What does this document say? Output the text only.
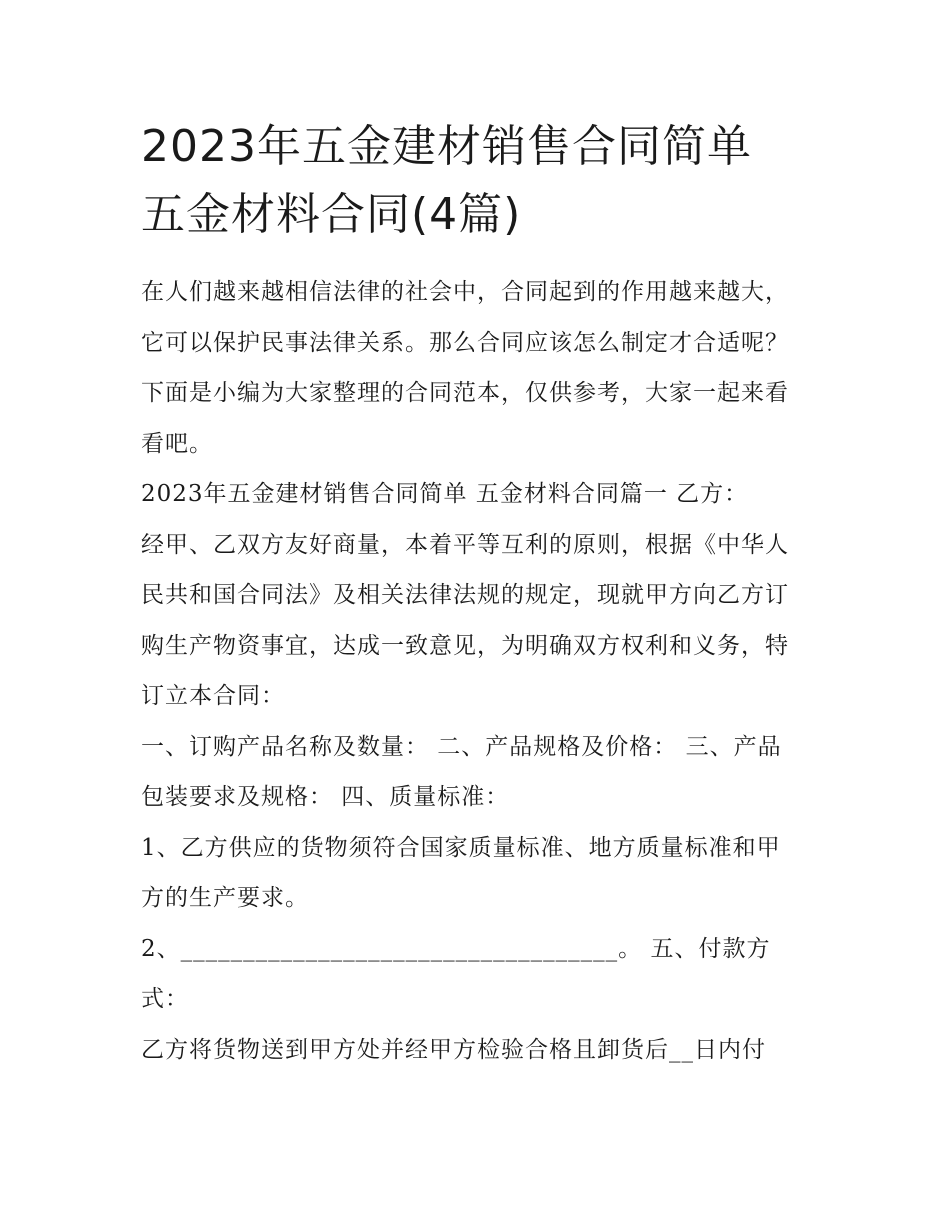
2023年五金建材销售合同简单
五金材料合同(4篇)

在人们越来越相信法律的社会中，合同起到的作用越来越大，
它可以保护民事法律关系。那么合同应该怎么制定才合适呢？
下面是小编为大家整理的合同范本，仅供参考，大家一起来看
看吧。

2023年五金建材销售合同简单 五金材料合同篇一 乙方：

经甲、乙双方友好商量，本着平等互利的原则，根据《中华人
民共和国合同法》及相关法律法规的规定，现就甲方向乙方订
购生产物资事宜，达成一致意见，为明确双方权利和义务，特
订立本合同：

一、订购产品名称及数量： 二、产品规格及价格： 三、产品
包装要求及规格： 四、质量标准：

1、乙方供应的货物须符合国家质量标准、地方质量标准和甲
方的生产要求。

2、___________________________________。 五、付款方
式：

乙方将货物送到甲方处并经甲方检验合格且卸货后__日内付
